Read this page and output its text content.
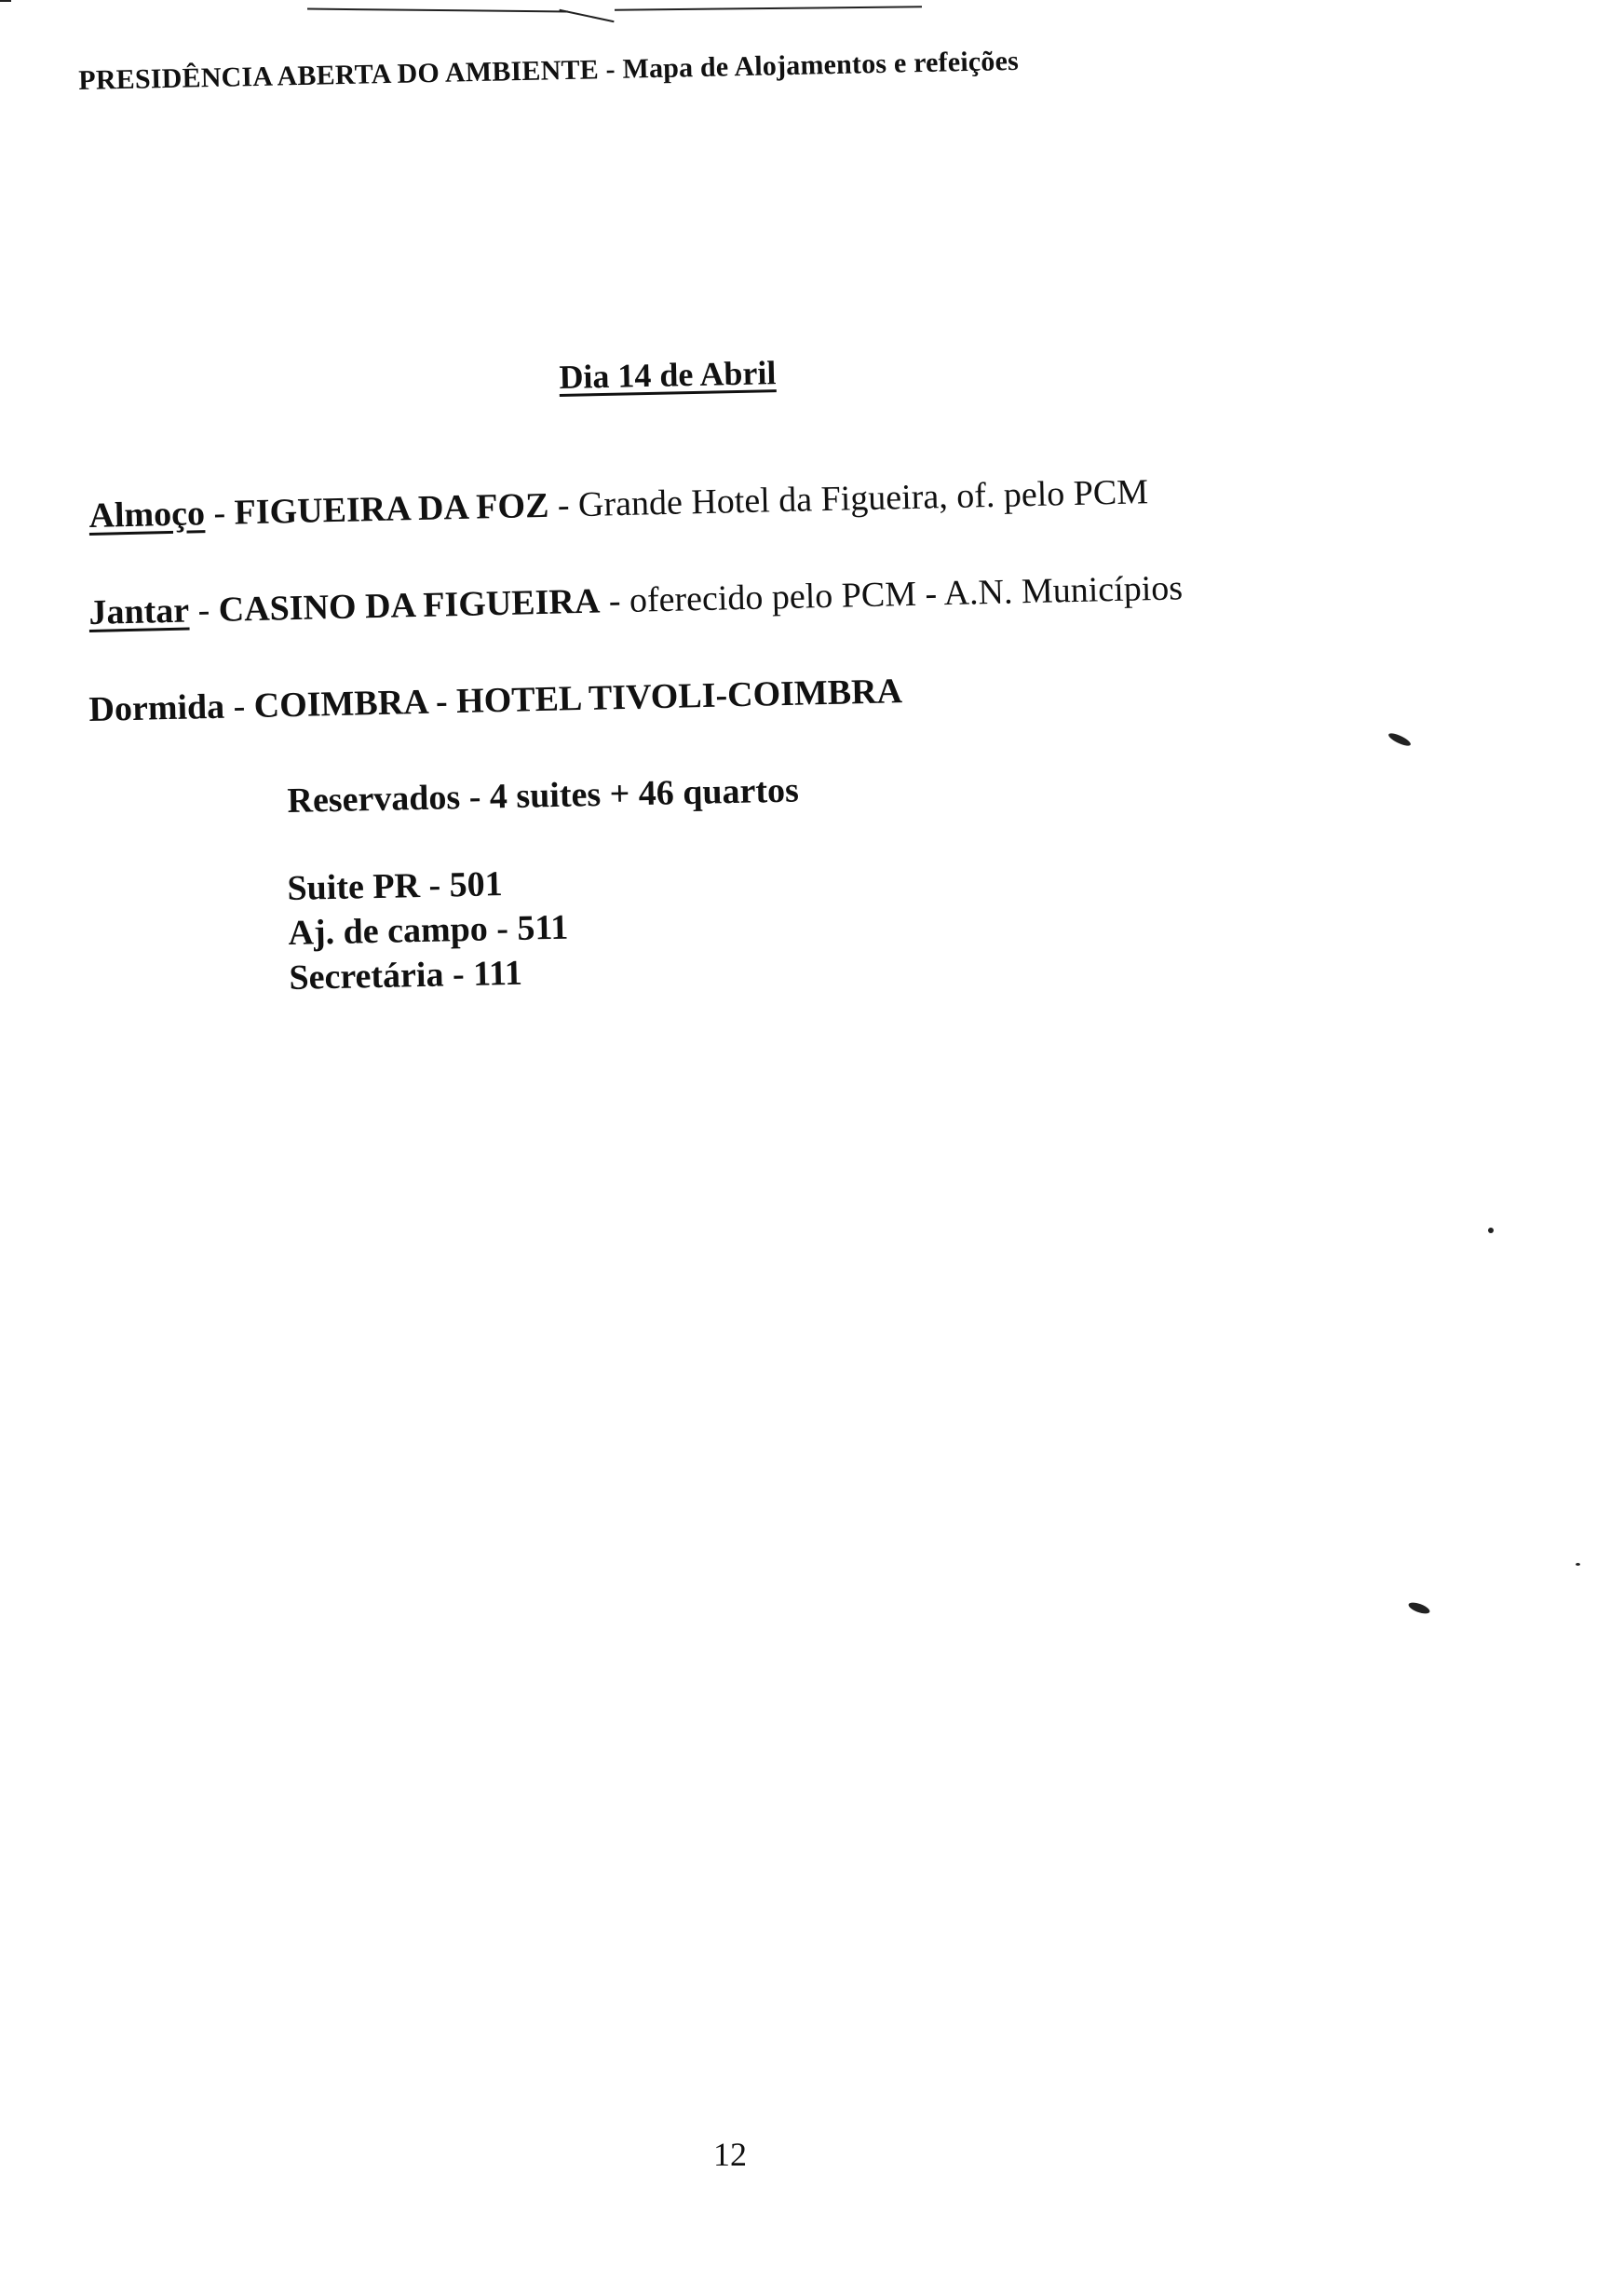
PRESIDÊNCIA ABERTA DO AMBIENTE - Mapa de Alojamentos e refeições
Dia 14 de Abril
Almoço - FIGUEIRA DA FOZ - Grande Hotel da Figueira, of. pelo PCM
Jantar - CASINO DA FIGUEIRA - oferecido pelo PCM - A.N. Municípios
Dormida - COIMBRA - HOTEL TIVOLI-COIMBRA
Reservados - 4 suites + 46 quartos
Suite PR - 501
Aj. de campo - 511
Secretária - 111
12
